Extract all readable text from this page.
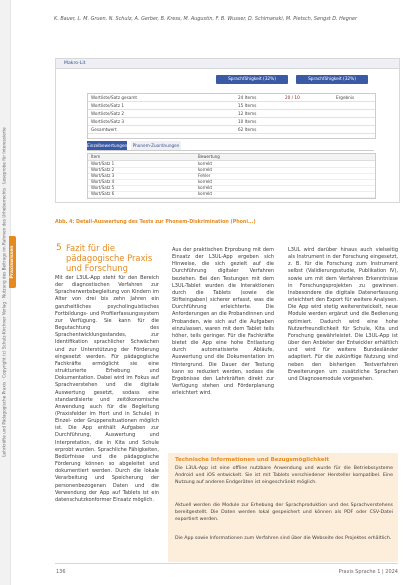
Lehrkräfte und Pädagogische Praxis · Copyright (c) Schulz-Kirchner Verlag · Nutzung des Beitrags im Rahmen des Urheberrechts · Leseprobe für Interessierte Praxiswissen
K. Bauer, L. M. Gruen, N. Schulz, A. Gerber, B. Kress, M. Augustin, F. B. Wusser, D. Schimanski, M. Pietsch, Sengst D. Hegner
Makro-Lit
Sprachfähigkeit (32%)	Sprachfähigkeit (32%)
Wortliste/Satz gesamt	24 Items	20 / 10	Ergebnis
Wortliste/Satz 1	15 Items
Wortliste/Satz 2	12 Items
Wortliste/Satz 3	10 Items
Gesamtwert	62 Items
Einzelbewertungen	Phonem-Zuordnungen
Item	Bewertung
Wort/Satz 1	korrekt
Wort/Satz 2	korrekt
Wort/Satz 3	Fehler
Wort/Satz 4	korrekt
Wort/Satz 5	korrekt
Wort/Satz 6	korrekt
Abb. 4: Detail-Auswertung des Tests zur Phonem-Diskrimination (Phoni...)
5 Fazit für die pädagogische Praxis und Forschung
Mit der L3UL-App steht für den Bereich der diagnostischen Verfahren zur Spracherwerbsbegleitung von Kindern im Alter von drei bis zehn Jahren ein ganzheitliches psycholinguistisches Fortbildungs- und Profilerfassungssystem zur Verfügung. Sie kann für die Begutachtung des Sprachentwicklungsstandes, zur Identifikation sprachlicher Schwächen und zur Unterstützung der Förderung eingesetzt werden. Für pädagogische Fachkräfte ermöglicht sie eine strukturierte Erhebung und Dokumentation. Dabei wird im Fokus auf Sprachverstehen und die digitale Auswertung gesetzt, sodass eine standardisierte und zeitökonomische Anwendung auch für die Begleitung (Praxisfelder im Hort und in Schule) in Einzel- oder Gruppensituationen möglich ist. Die App enthält Aufgaben zur Durchführung, Auswertung und Interpretation, die in Kita und Schule erprobt wurden. Sprachliche Fähigkeiten, Bedürfnisse und die pädagogische Förderung können so abgeleitet und dokumentiert werden. Durch die lokale Verarbeitung und Speicherung der personenbezogenen Daten und die Verwendung der App auf Tablets ist ein datenschutzkonformer Einsatz möglich.
Aus der praktischen Erprobung mit dem Einsatz der L3UL-App ergeben sich Hinweise, die sich gezielt auf die Durchführung digitaler Verfahren beziehen. Bei den Testungen mit dem L3UL-Tablet wurden die Interaktionen durch die Tablets (sowie die Stifteingaben) sicherer erfasst, was die Durchführung erleichterte. Die Anforderungen an die Probandinnen und Probanden, wie sich auf die Aufgaben einzulassen, waren mit dem Tablet teils höher, teils geringer. Für die Fachkräfte bietet die App eine hohe Entlastung durch automatisierte Abläufe, Auswertung und die Dokumentation im Hintergrund. Die Dauer der Testung kann so reduziert werden, sodass die Ergebnisse den Lehrkräften direkt zur Verfügung stehen und Förderplanung erleichtert wird.
L3UL wird darüber hinaus auch vielseitig als Instrument in der Forschung eingesetzt, z. B. für die Forschung zum Instrument selbst (Validierungsstudie, Publikation IV), sowie um mit dem Verfahren Erkenntnisse in Forschungsprojekten zu gewinnen. Insbesondere die digitale Datenerfassung erleichtert den Export für weitere Analysen. Die App wird stetig weiterentwickelt, neue Module werden ergänzt und die Bedienung optimiert. Dadurch wird eine hohe Nutzerfreundlichkeit für Schule, Kita und Forschung gewährleistet. Die L3UL-App ist über den Anbieter der Entwickler erhältlich und wird für weitere Bundesländer adaptiert. Für die zukünftige Nutzung sind neben den bisherigen Testverfahren Erweiterungen um zusätzliche Sprachen und Diagnosemodule vorgesehen.
Technische Informationen und Bezugsmöglichkeit
Die L3UL-App ist eine offline nutzbare Anwendung und wurde für die Betriebssysteme Android und iOS entwickelt. Sie ist mit Tablets verschiedener Hersteller kompatibel. Eine Nutzung auf anderen Endgeräten ist eingeschränkt möglich.
Aktuell werden die Module zur Erhebung der Sprachproduktion und des Sprachverstehens bereitgestellt. Die Daten werden lokal gespeichert und können als PDF oder CSV-Datei exportiert werden.
Die App sowie Informationen zum Verfahren sind über die Webseite des Projektes erhältlich.
136	Praxis Sprache 1 | 2024
